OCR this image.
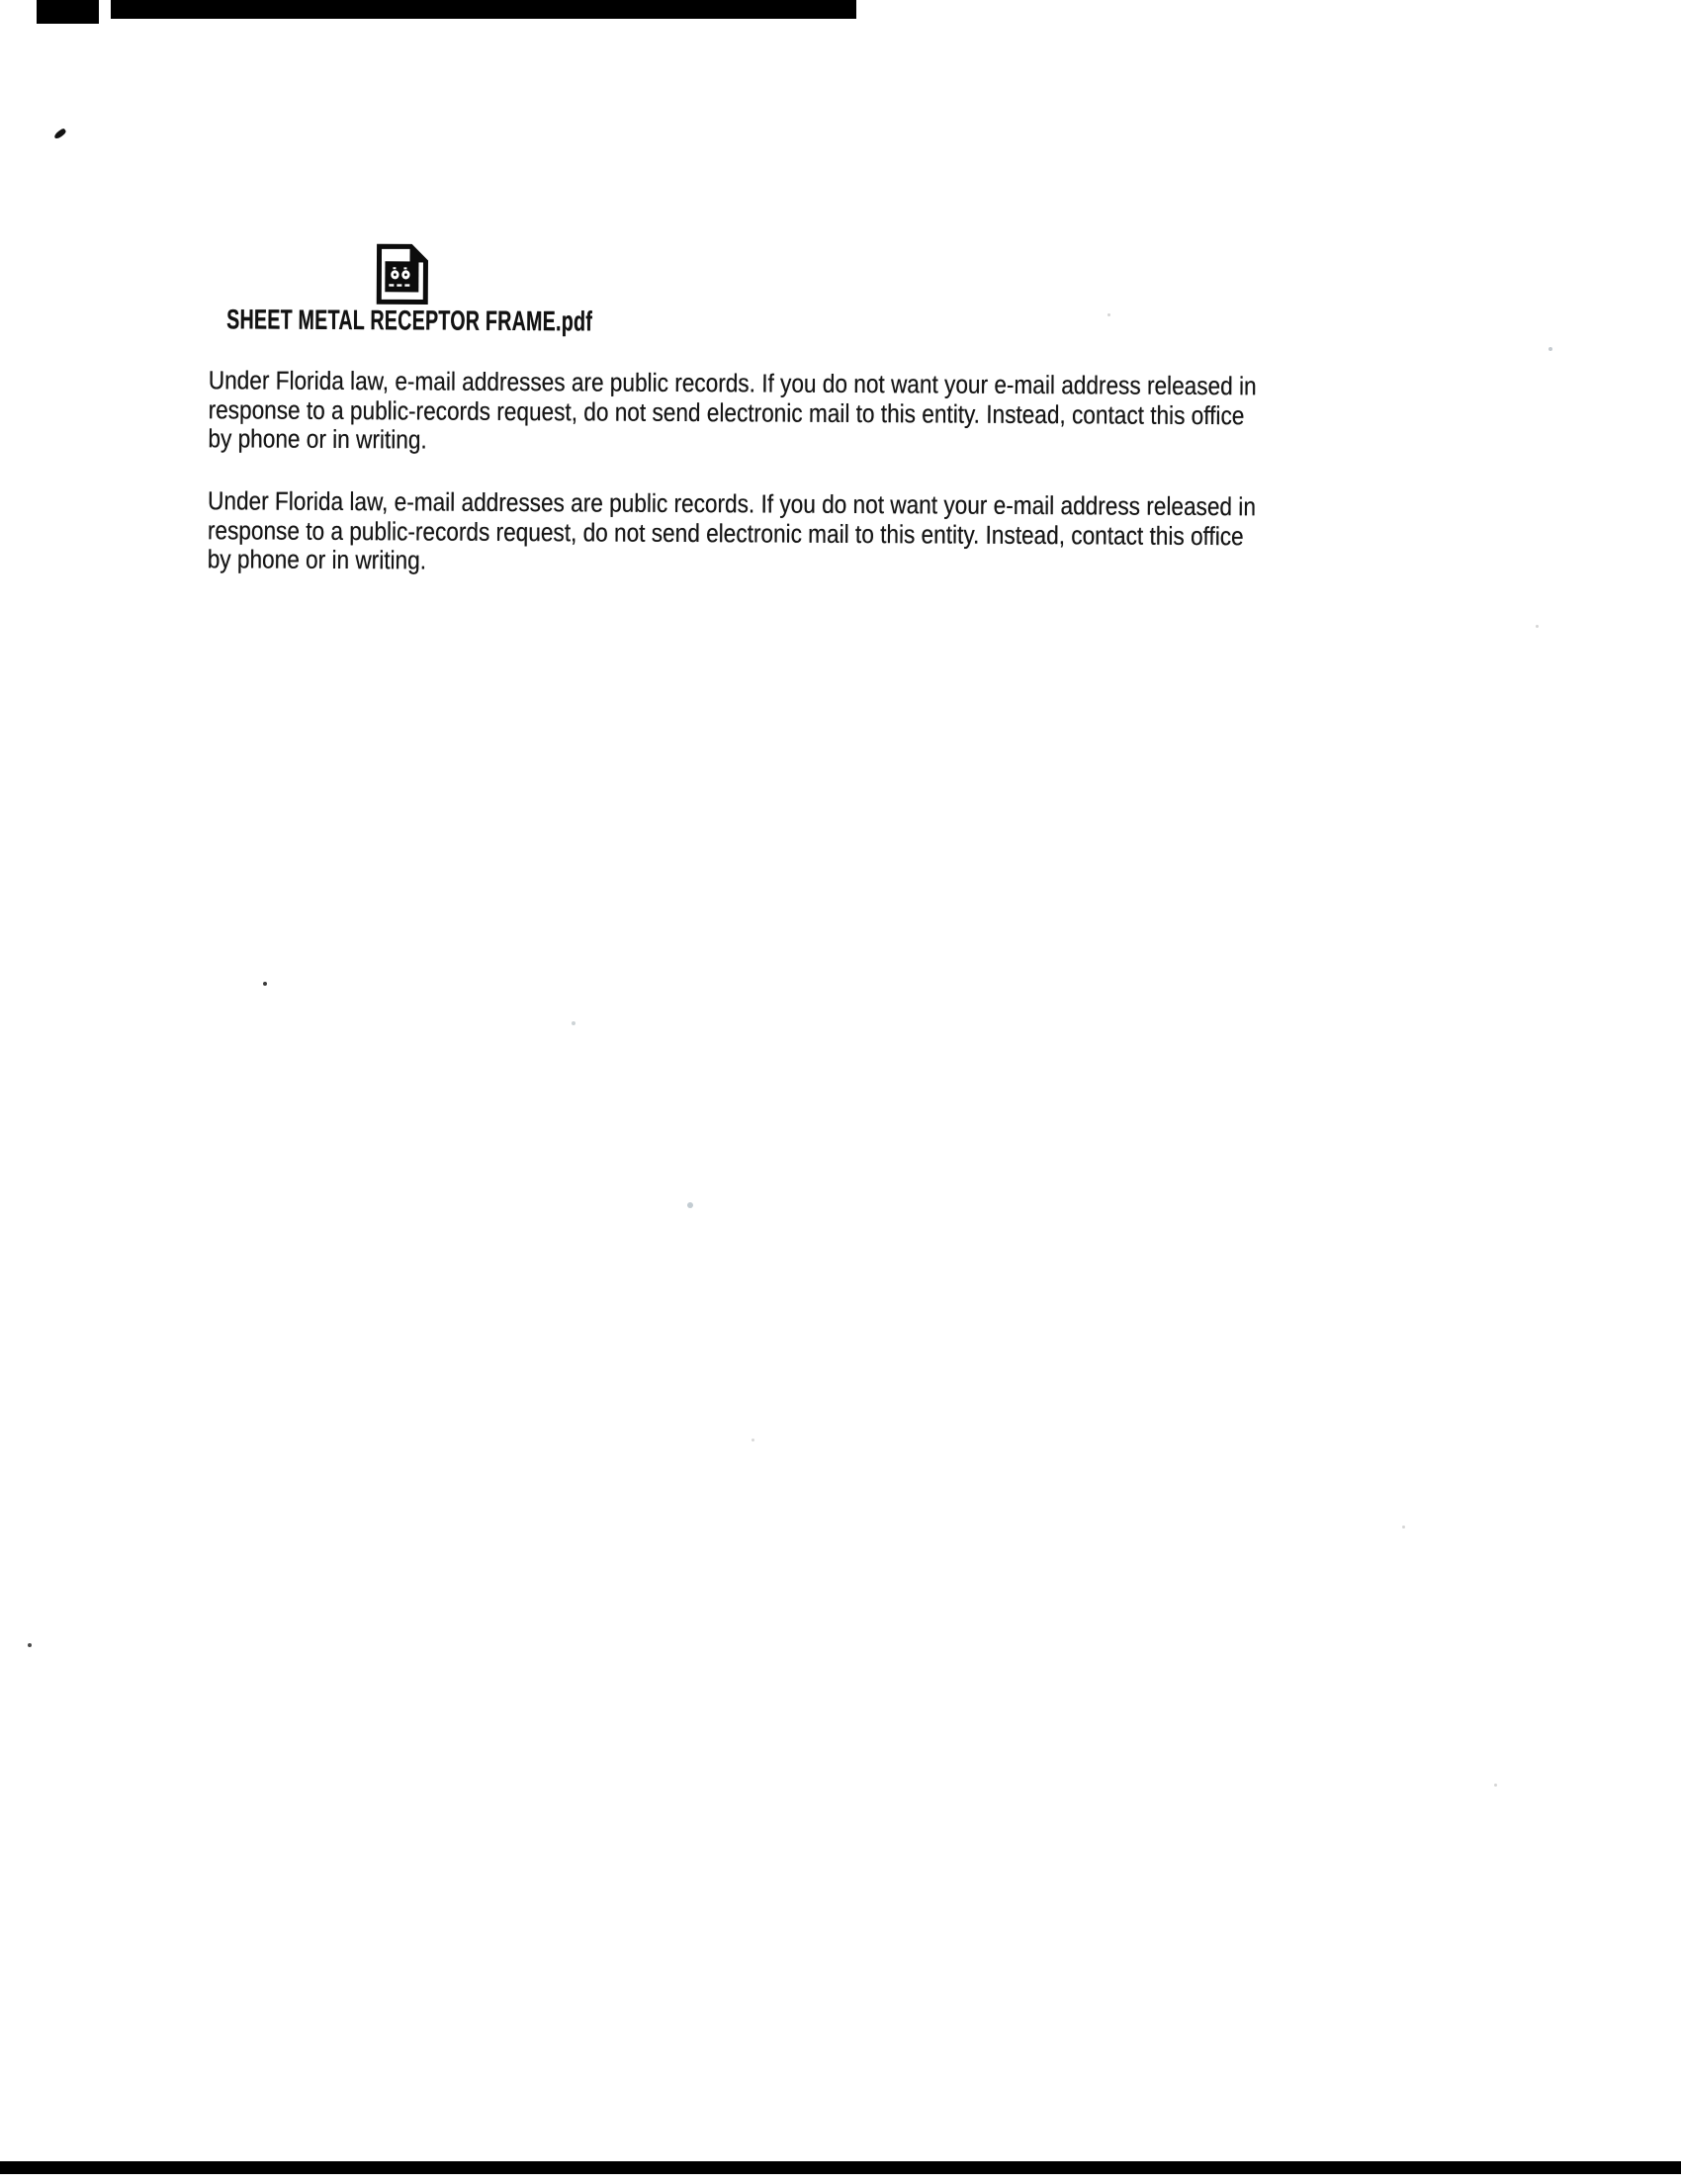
SHEET METAL RECEPTOR FRAME.pdf
Under Florida law, e-mail addresses are public records. If you do not want your e-mail address released in
response to a public-records request, do not send electronic mail to this entity. Instead, contact this office
by phone or in writing.
Under Florida law, e-mail addresses are public records. If you do not want your e-mail address released in
response to a public-records request, do not send electronic mail to this entity. Instead, contact this office
by phone or in writing.
